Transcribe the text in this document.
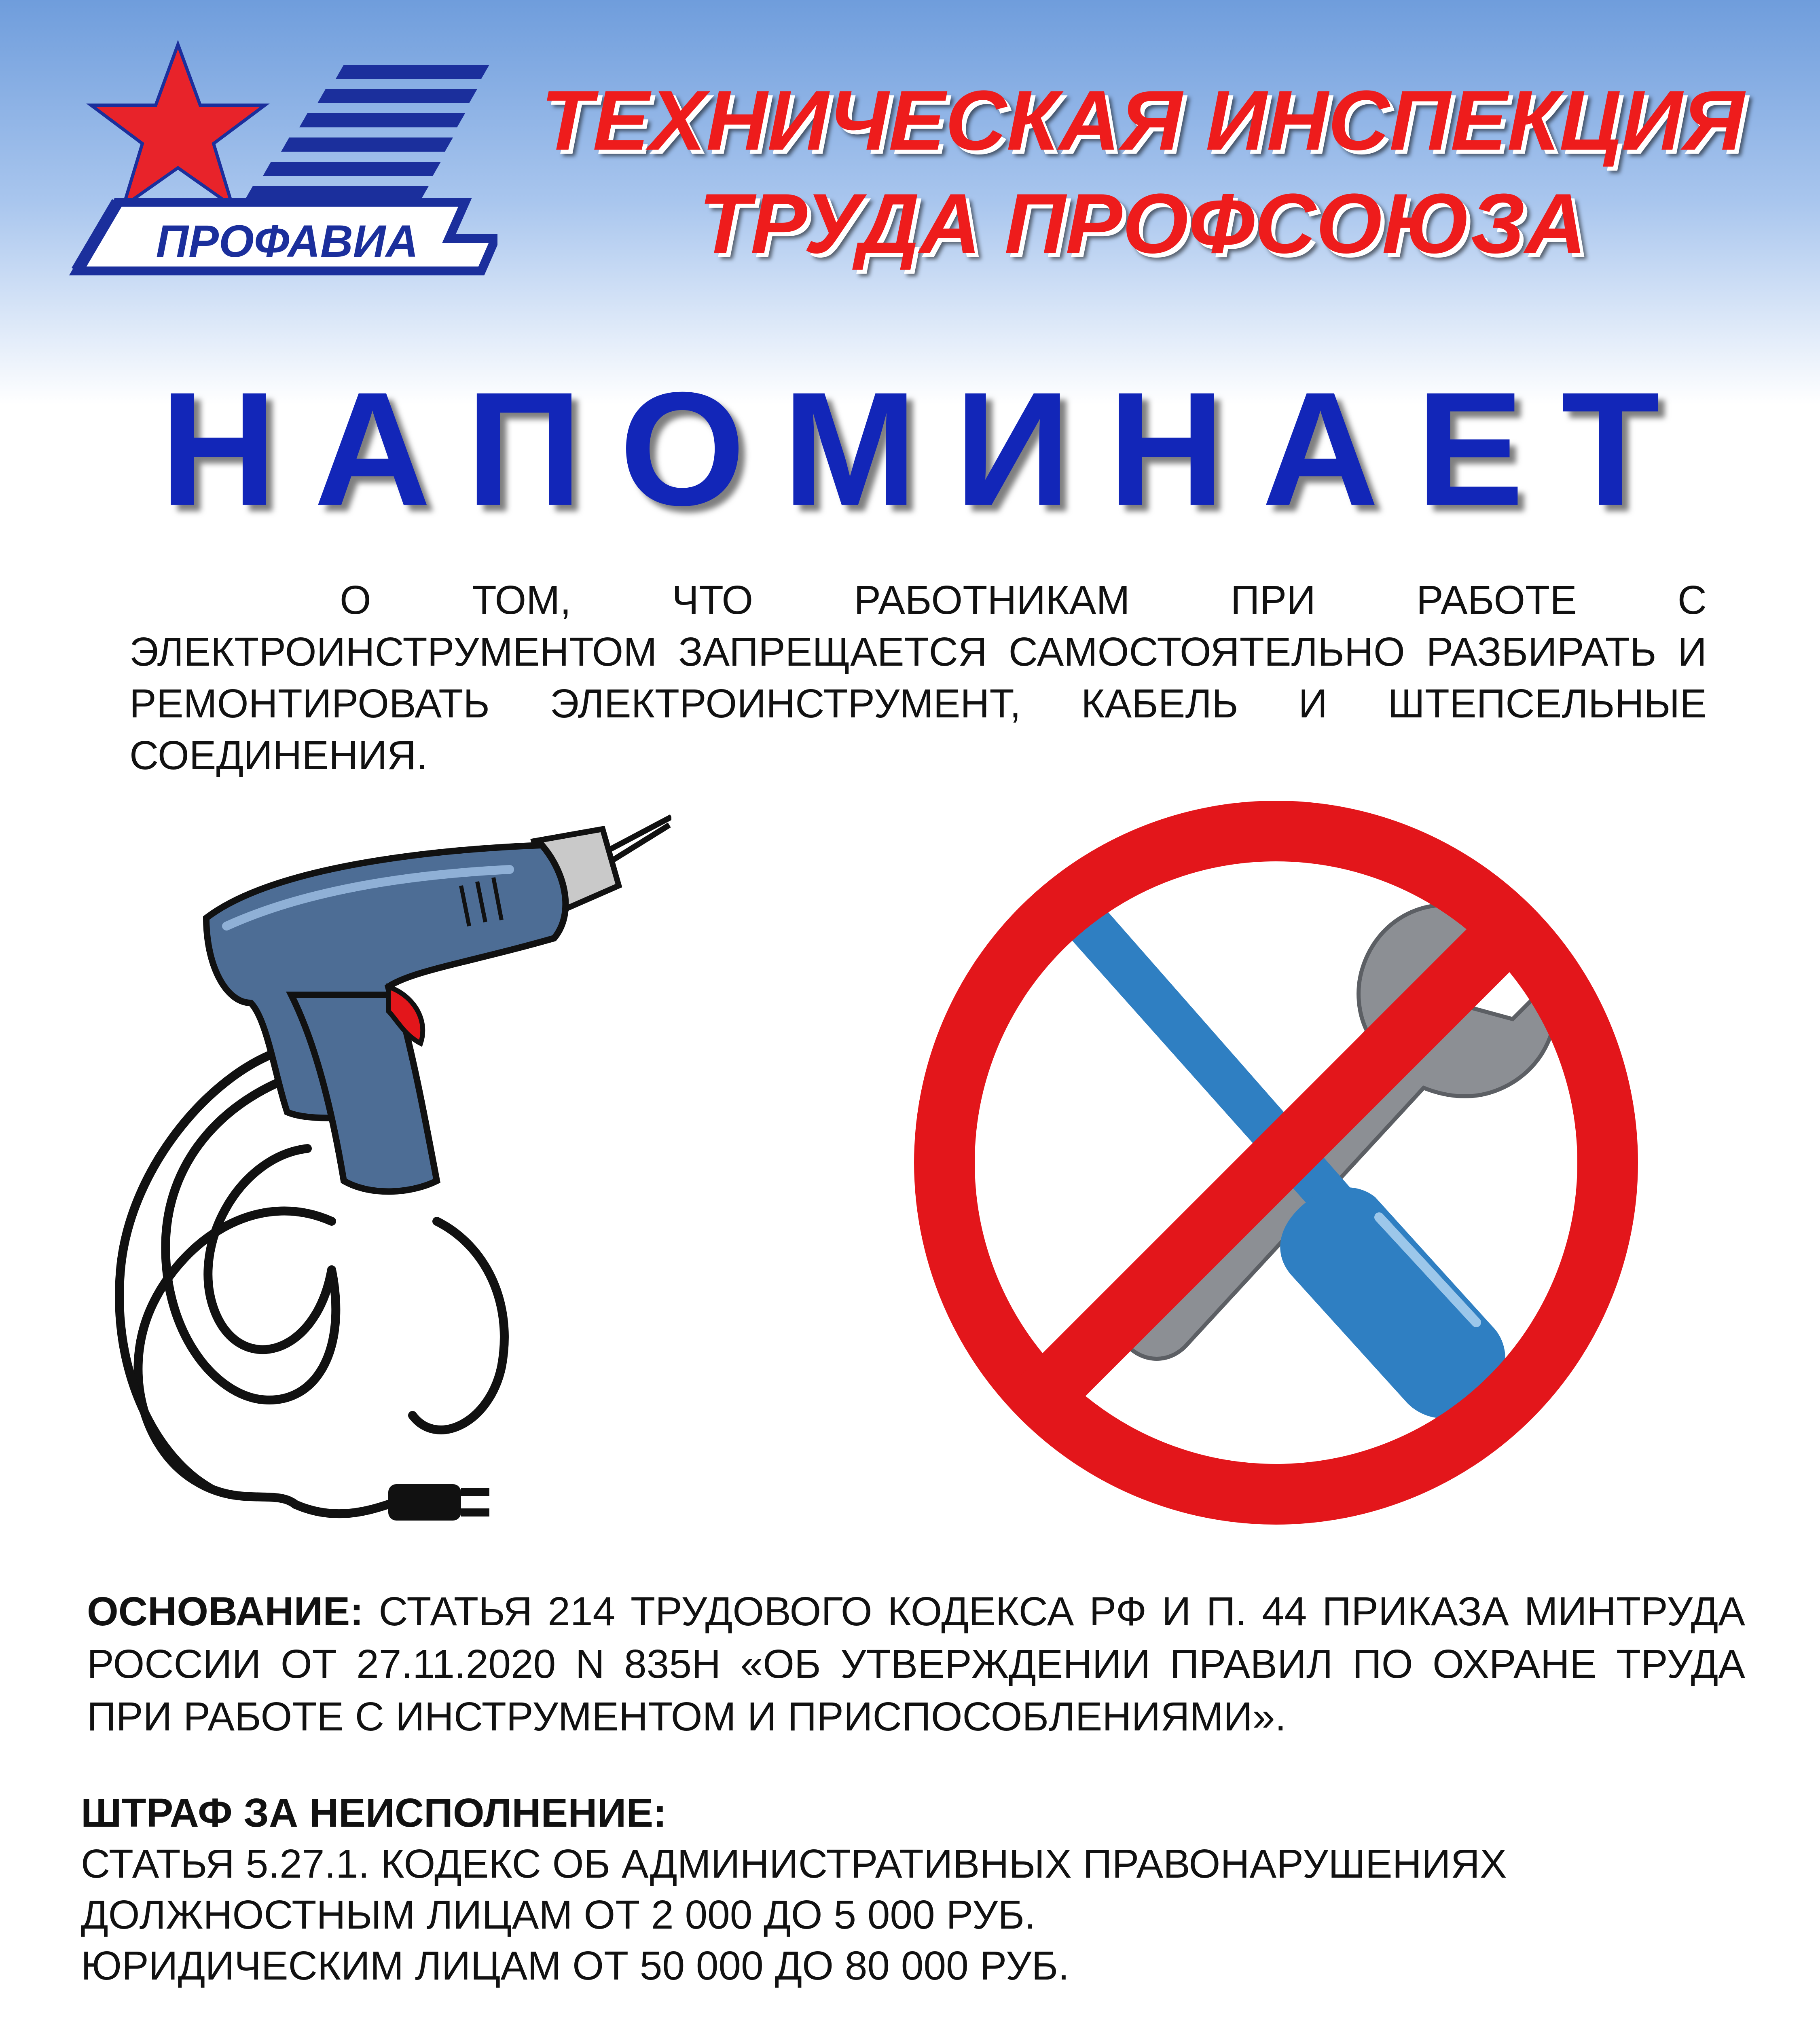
ПРОФАВИА
ТЕХНИЧЕСКАЯ ИНСПЕКЦИЯ
ТРУДА ПРОФСОЮЗА
НАПОМИНАЕТ
О ТОМ, ЧТО РАБОТНИКАМ ПРИ РАБОТЕ С ЭЛЕКТРОИНСТРУМЕНТОМ ЗАПРЕЩАЕТСЯ САМОСТОЯТЕЛЬНО РАЗБИРАТЬ И РЕМОНТИРОВАТЬ ЭЛЕКТРОИНСТРУМЕНТ, КАБЕЛЬ И ШТЕПСЕЛЬНЫЕ СОЕДИНЕНИЯ.
ОСНОВАНИЕ: СТАТЬЯ 214 ТРУДОВОГО КОДЕКСА РФ И П. 44 ПРИКАЗА МИНТРУДА РОССИИ ОТ 27.11.2020 N 835Н «ОБ УТВЕРЖДЕНИИ ПРАВИЛ ПО ОХРАНЕ ТРУДА ПРИ РАБОТЕ С ИНСТРУМЕНТОМ И ПРИСПОСОБЛЕНИЯМИ».
ШТРАФ ЗА НЕИСПОЛНЕНИЕ:
СТАТЬЯ 5.27.1. КОДЕКС ОБ АДМИНИСТРАТИВНЫХ ПРАВОНАРУШЕНИЯХ
ДОЛЖНОСТНЫМ ЛИЦАМ ОТ 2 000 ДО 5 000 РУБ.
ЮРИДИЧЕСКИМ ЛИЦАМ ОТ 50 000 ДО 80 000 РУБ.
